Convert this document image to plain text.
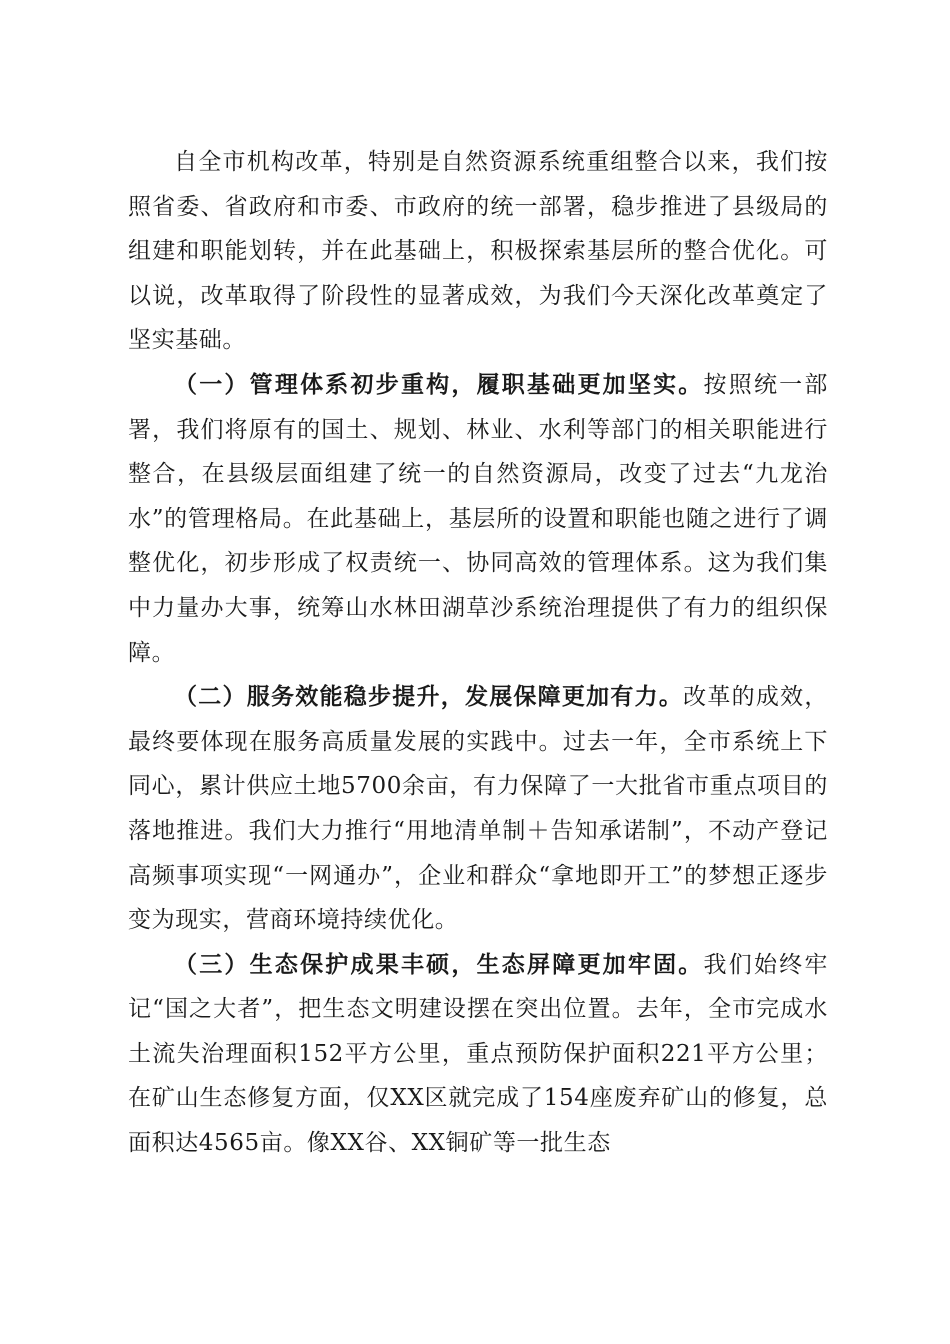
自全市机构改革，特别是自然资源系统重组整合以来，我们按照省委、省政府和市委、市政府的统一部署，稳步推进了县级局的组建和职能划转，并在此基础上，积极探索基层所的整合优化。可以说，改革取得了阶段性的显著成效，为我们今天深化改革奠定了坚实基础。

（一）管理体系初步重构，履职基础更加坚实。按照统一部署，我们将原有的国土、规划、林业、水利等部门的相关职能进行整合，在县级层面组建了统一的自然资源局，改变了过去“九龙治水”的管理格局。在此基础上，基层所的设置和职能也随之进行了调整优化，初步形成了权责统一、协同高效的管理体系。这为我们集中力量办大事，统筹山水林田湖草沙系统治理提供了有力的组织保障。

（二）服务效能稳步提升，发展保障更加有力。改革的成效，最终要体现在服务高质量发展的实践中。过去一年，全市系统上下同心，累计供应土地5700余亩，有力保障了一大批省市重点项目的落地推进。我们大力推行“用地清单制＋告知承诺制”，不动产登记高频事项实现“一网通办”，企业和群众“拿地即开工”的梦想正逐步变为现实，营商环境持续优化。

（三）生态保护成果丰硕，生态屏障更加牢固。我们始终牢记“国之大者”，把生态文明建设摆在突出位置。去年，全市完成水土流失治理面积152平方公里，重点预防保护面积221平方公里；在矿山生态修复方面，仅XX区就完成了154座废弃矿山的修复，总面积达4565亩。像XX谷、XX铜矿等一批生态
